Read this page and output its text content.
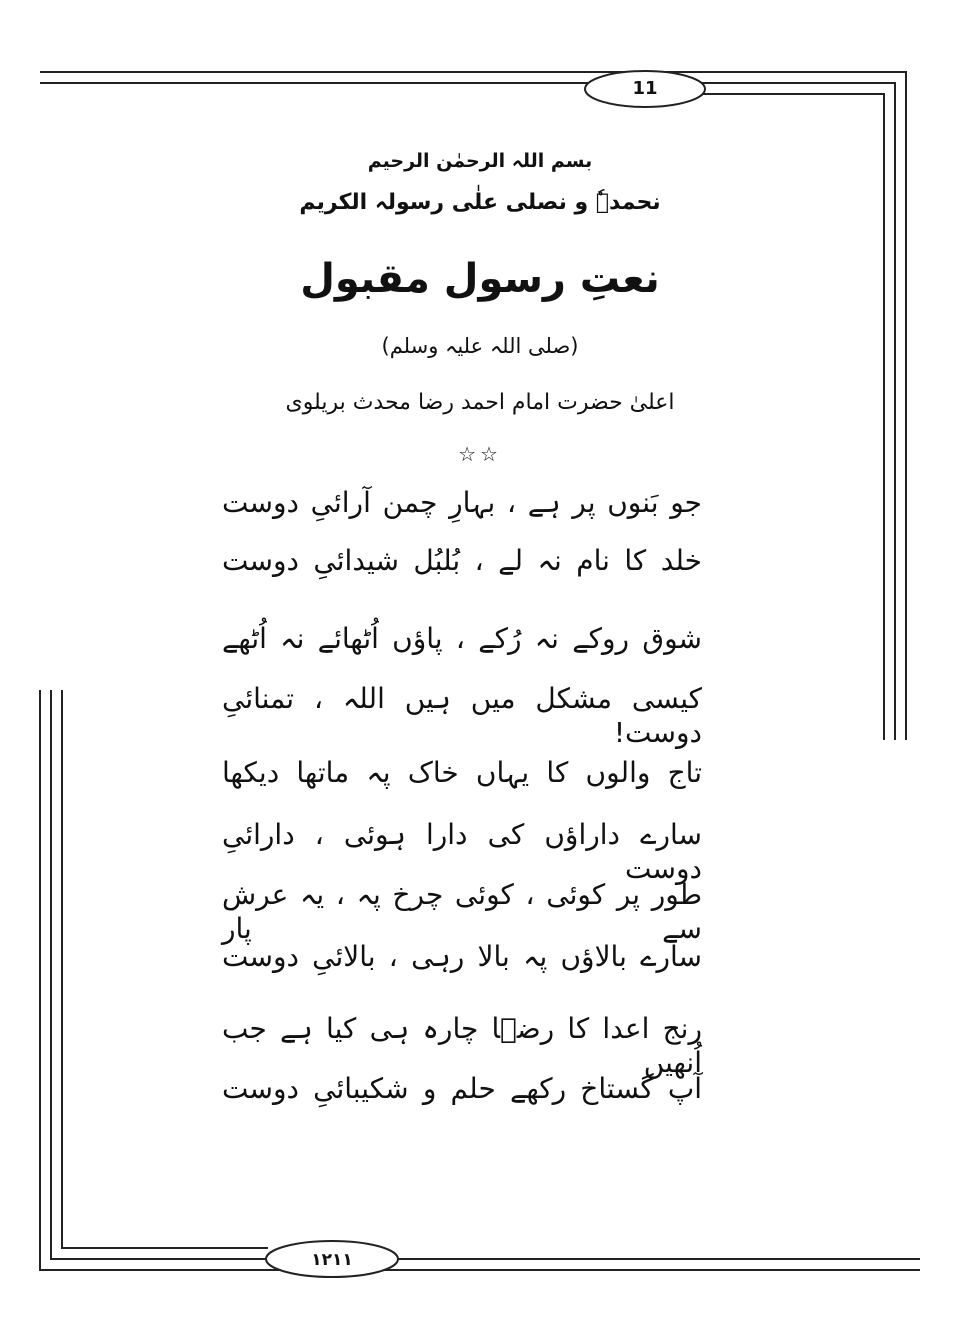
11
۱۲۱۱
بسم اللہ الرحمٰن الرحیم
نحمدہٗ و نصلی علٰی رسولہ الکریم
نعتِ رسول مقبول
(صلی اللہ علیہ وسلم)
اعلیٰ حضرت امام احمد رضا محدث بریلوی
☆☆

جو بَنوں پر ہے ، بہارِ چمن آرائیِ دوست

خلد کا نام نہ لے ، بُلبُل شیدائیِ دوست

شوق روکے نہ رُکے ، پاؤں اُٹھائے نہ اُٹھے

کیسی مشکل میں ہیں اللہ ، تمنائیِ دوست!

تاج والوں کا یہاں خاک پہ ماتھا دیکھا

سارے داراؤں کی دارا ہوئی ، دارائیِ دوست

طور پر کوئی ، کوئی چرخ پہ ، یہ عرش سے پار

سارے بالاؤں پہ بالا رہی ، بالائیِ دوست

رنج اعدا کا رضؔا چارہ ہی کیا ہے جب اُنھیں

آپ گستاخ رکھے حلم و شکیبائیِ دوست
